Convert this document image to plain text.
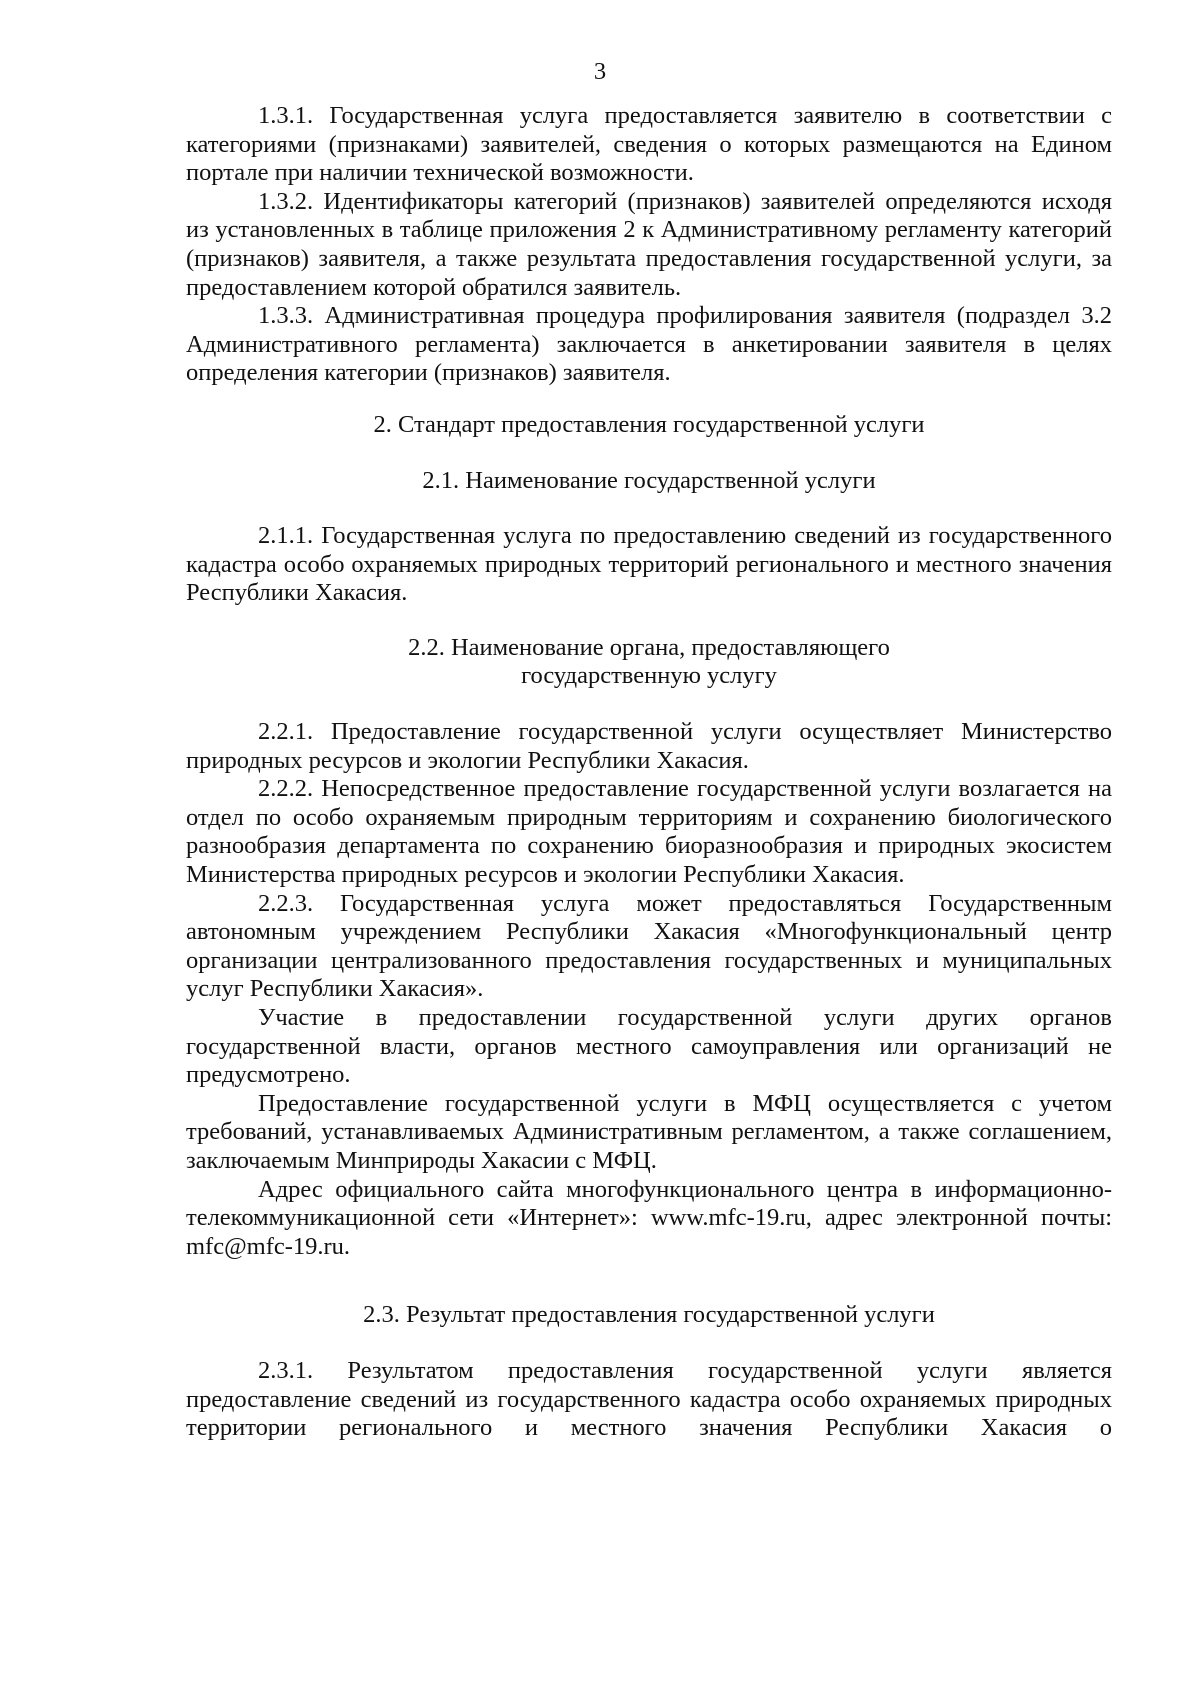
3

1.3.1. Государственная услуга предоставляется заявителю в соответствии с категориями (признаками) заявителей, сведения о которых размещаются на Едином портале при наличии технической возможности.

1.3.2. Идентификаторы категорий (признаков) заявителей определяются исходя из установленных в таблице приложения 2 к Административному регламенту категорий (признаков) заявителя, а также результата предоставления государственной услуги, за предоставлением которой обратился заявитель.

1.3.3. Административная процедура профилирования заявителя (подраздел 3.2 Административного регламента) заключается в анкетировании заявителя в целях определения категории (признаков) заявителя.

2. Стандарт предоставления государственной услуги
2.1. Наименование государственной услуги

2.1.1. Государственная услуга по предоставлению сведений из государственного кадастра особо охраняемых природных территорий регионального и местного значения Республики Хакасия.

2.2. Наименование органа, предоставляющего
государственную услугу

2.2.1. Предоставление государственной услуги осуществляет Министерство природных ресурсов и экологии Республики Хакасия.

2.2.2. Непосредственное предоставление государственной услуги возлагается на отдел по особо охраняемым природным территориям и сохранению биологического разнообразия департамента по сохранению биоразнообразия и природных экосистем Министерства природных ресурсов и экологии Республики Хакасия.

2.2.3. Государственная услуга может предоставляться Государственным автономным учреждением Республики Хакасия «Многофункциональный центр организации централизованного предоставления государственных и муниципальных услуг Республики Хакасия».

Участие в предоставлении государственной услуги других органов государственной власти, органов местного самоуправления или организаций не предусмотрено.

Предоставление государственной услуги в МФЦ осуществляется с учетом требований, устанавливаемых Административным регламентом, а также соглашением, заключаемым Минприроды Хакасии с МФЦ.

Адрес официального сайта многофункционального центра в информационно-телекоммуникационной сети «Интернет»: www.mfc-19.ru, адрес электронной почты: mfc@mfc-19.ru.

2.3. Результат предоставления государственной услуги

2.3.1. Результатом предоставления государственной услуги является предоставление сведений из государственного кадастра особо охраняемых природных территории регионального и местного значения Республики Хакасия о
